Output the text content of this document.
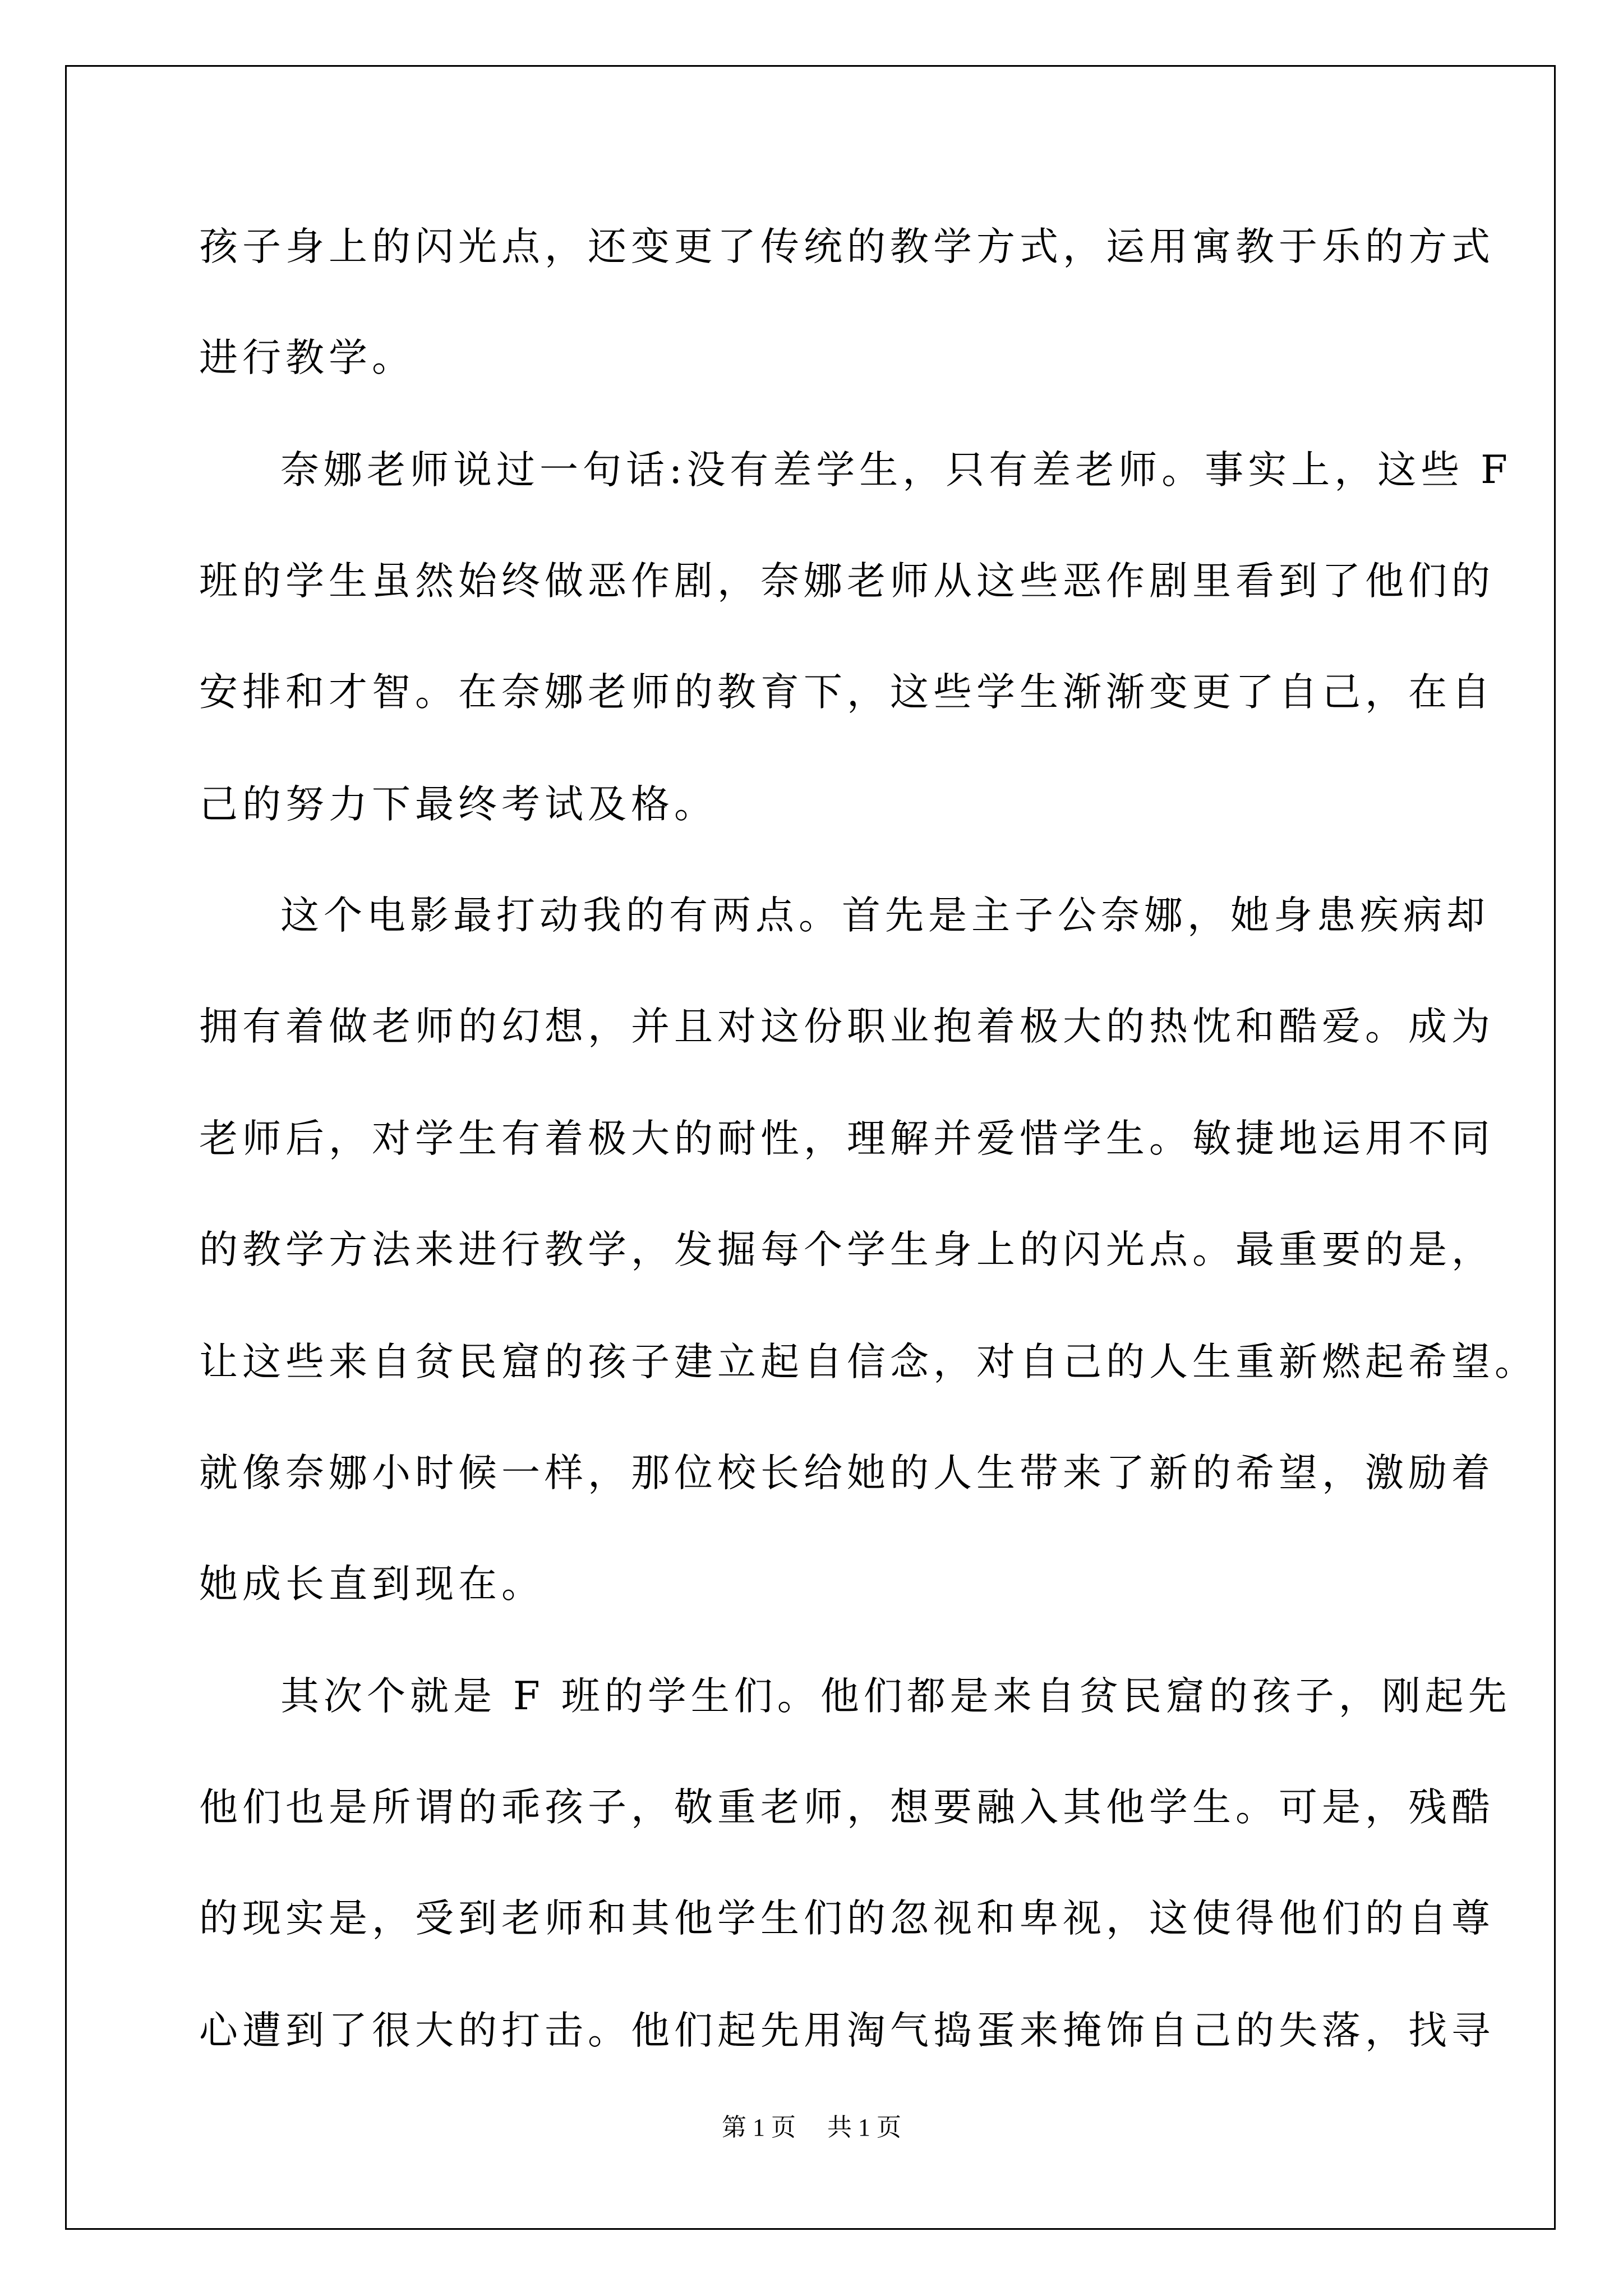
孩子身上的闪光点，还变更了传统的教学方式，运用寓教于乐的方式
进行教学。
奈娜老师说过一句话:没有差学生，只有差老师。事实上，这些 F
班的学生虽然始终做恶作剧，奈娜老师从这些恶作剧里看到了他们的
安排和才智。在奈娜老师的教育下，这些学生渐渐变更了自己，在自
己的努力下最终考试及格。
这个电影最打动我的有两点。首先是主子公奈娜，她身患疾病却
拥有着做老师的幻想，并且对这份职业抱着极大的热忱和酷爱。成为
老师后，对学生有着极大的耐性，理解并爱惜学生。敏捷地运用不同
的教学方法来进行教学，发掘每个学生身上的闪光点。最重要的是，
让这些来自贫民窟的孩子建立起自信念，对自己的人生重新燃起希望。
就像奈娜小时候一样，那位校长给她的人生带来了新的希望，激励着
她成长直到现在。
其次个就是 F 班的学生们。他们都是来自贫民窟的孩子，刚起先
他们也是所谓的乖孩子，敬重老师，想要融入其他学生。可是，残酷
的现实是，受到老师和其他学生们的忽视和卑视，这使得他们的自尊
心遭到了很大的打击。他们起先用淘气捣蛋来掩饰自己的失落，找寻
第 1 页 共 1 页
